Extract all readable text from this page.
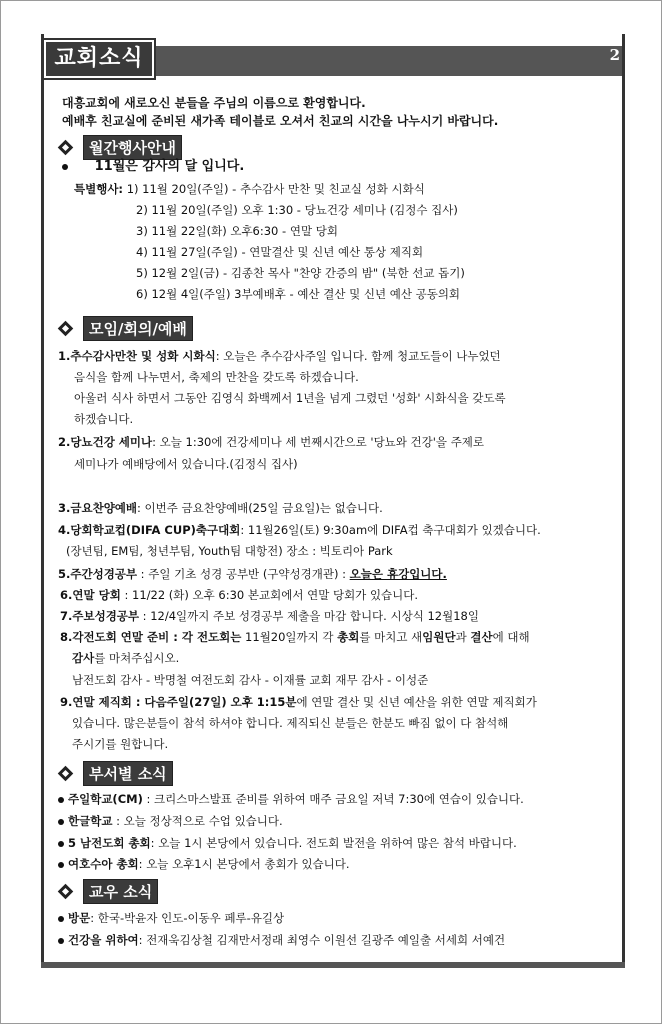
교회소식	2
대흥교회에 새로오신 분들을 주님의 이름으로 환영합니다.
예배후 친교실에 준비된 새가족 테이블로 오셔서 친교의 시간을 나누시기 바랍니다.
월간행사안내
11월은 감사의 달 입니다.
특별행사: 1) 11월 20일(주일) - 추수감사 만찬 및 친교실 성화 시화식
2) 11월 20일(주일) 오후 1:30 - 당뇨건강 세미나 (김정수 집사)
3) 11월 22일(화) 오후6:30 - 연말 당회
4) 11월 27일(주일) - 연말결산 및 신년 예산 통상 제직회
5) 12월 2일(금) - 김종찬 목사 "찬양 간증의 밤" (북한 선교 돕기)
6) 12월 4일(주일) 3부예배후 - 예산 결산 및 신년 예산 공동의회
모임/회의/예배
1.추수감사만찬 및 성화 시화식: 오늘은 추수감사주일 입니다. 함께 청교도들이 나누었던
음식을 함께 나누면서, 축제의 만찬을 갖도록 하겠습니다.
아울러 식사 하면서 그동안 김영식 화백께서 1년을 넘게 그렸던 '성화' 시화식을 갖도록
하겠습니다.
2.당뇨건강 세미나: 오늘 1:30에 건강세미나 세 번째시간으로 '당뇨와 건강'을 주제로
세미나가 예배당에서 있습니다.(김정식 집사)
3.금요찬양예배: 이번주 금요찬양예배(25일 금요일)는 없습니다.
4.당회학교컵(DIFA CUP)축구대회: 11월26일(토) 9:30am에 DIFA컵 축구대회가 있겠습니다.
(장년팀, EM팀, 청년부팀, Youth팀 대항전) 장소 : 빅토리아 Park
5.주간성경공부 : 주일 기초 성경 공부반 (구약성경개관) : 오늘은 휴강입니다.
6.연말 당회 : 11/22 (화) 오후 6:30 본교회에서 연말 당회가 있습니다.
7.주보성경공부 : 12/4일까지 주보 성경공부 제출을 마감 합니다. 시상식 12월18일
8.각전도회 연말 준비 : 각 전도회는 11월20일까지 각 총회를 마치고 새임원단과 결산에 대해
감사를 마쳐주십시오.
남전도회 감사 - 박명철 여전도회 감사 - 이재률 교회 재무 감사 - 이성준
9.연말 제직회 : 다음주일(27일) 오후 1:15분에 연말 결산 및 신년 예산을 위한 연말 제직회가
있습니다. 많은분들이 참석 하셔야 합니다. 제직되신 분들은 한분도 빠짐 없이 다 참석해
주시기를 원합니다.
부서별 소식
주일학교(CM) : 크리스마스발표 준비를 위하여 매주 금요일 저녁 7:30에 연습이 있습니다.
한글학교 : 오늘 정상적으로 수업 있습니다.
5 남전도회 총회: 오늘 1시 본당에서 있습니다. 전도회 발전을 위하여 많은 참석 바랍니다.
여호수아 총회: 오늘 오후1시 본당에서 총회가 있습니다.
교우 소식
방문: 한국-박윤자 인도-이동우 페루-유길상
건강을 위하여: 전재욱김상철 김재만서정래 최영수 이원선 길광주 예일출 서세희 서예건
